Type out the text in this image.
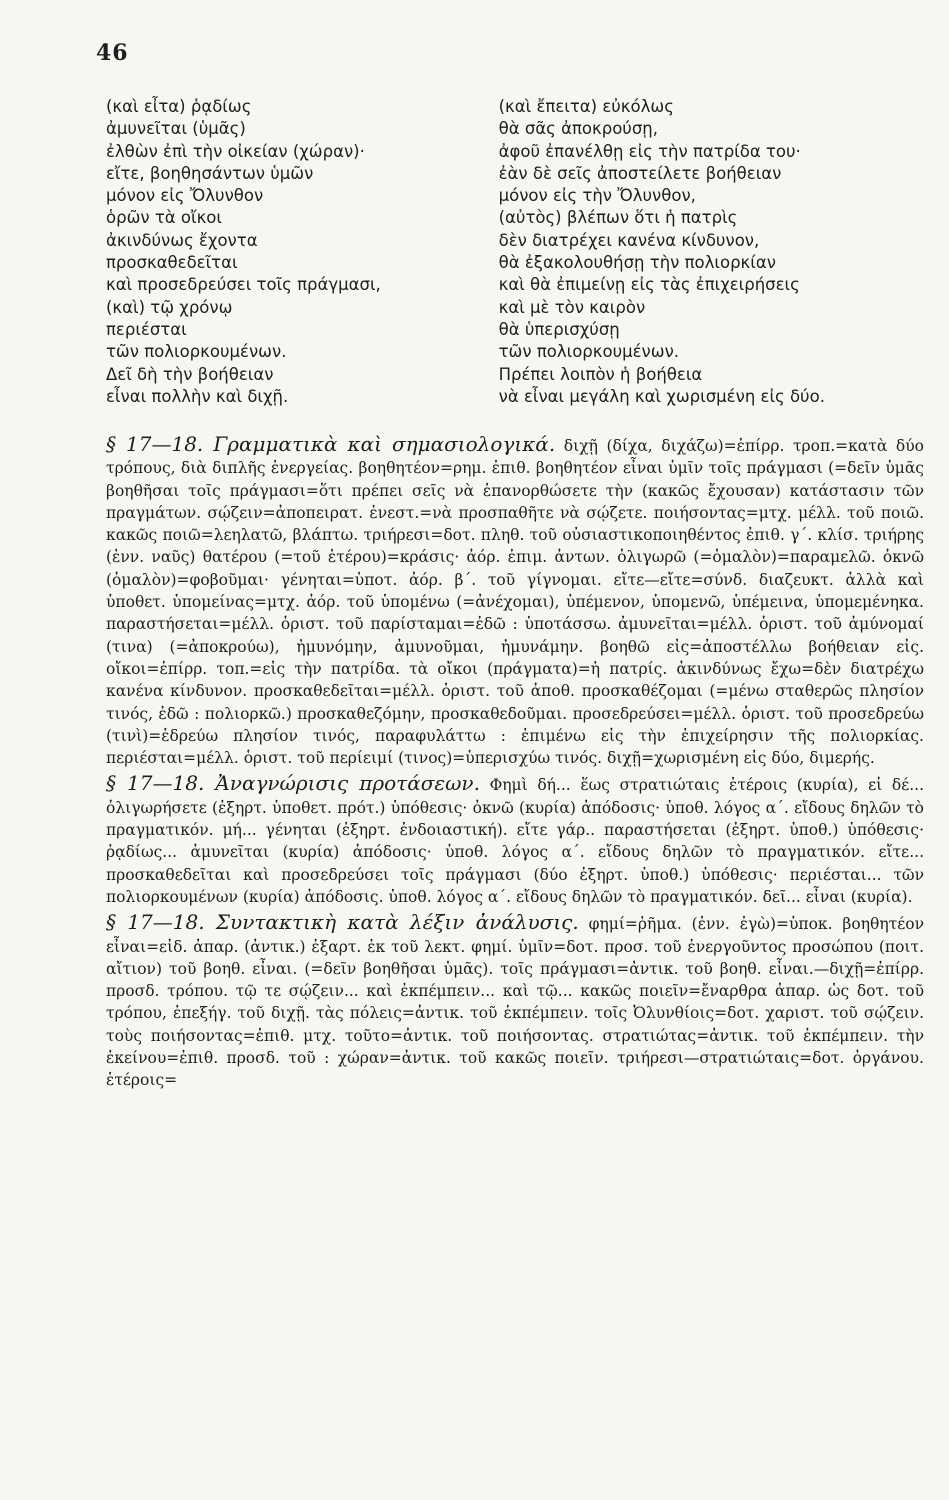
46
(καὶ εἶτα) ῥᾳδίως
ἀμυνεῖται (ὑμᾶς)
ἐλθὼν ἐπὶ τὴν οἰκείαν (χώραν)·
εἴτε, βοηθησάντων ὑμῶν
μόνον εἰς Ὄλυνθον
ὁρῶν τὰ οἴκοι
ἀκινδύνως ἔχοντα
προσκαθεδεῖται
καὶ προσεδρεύσει τοῖς πράγμασι,
(καὶ) τῷ χρόνῳ
περιέσται
τῶν πολιορκουμένων.
Δεῖ δὴ τὴν βοήθειαν
εἶναι πολλὴν καὶ διχῇ.
(καὶ ἔπειτα) εὐκόλως
θὰ σᾶς ἀποκρούσῃ,
ἀφοῦ ἐπανέλθῃ εἰς τὴν πατρίδα του·
ἐὰν δὲ σεῖς ἀποστείλετε βοήθειαν
μόνον εἰς τὴν Ὄλυνθον,
(αὐτὸς) βλέπων ὅτι ἡ πατρὶς
δὲν διατρέχει κανένα κίνδυνον,
θὰ ἐξακολουθήσῃ τὴν πολιορκίαν
καὶ θὰ ἐπιμείνῃ εἰς τὰς ἐπιχειρήσεις
καὶ μὲ τὸν καιρὸν
θὰ ὑπερισχύσῃ
τῶν πολιορκουμένων.
Πρέπει λοιπὸν ἡ βοήθεια
νὰ εἶναι μεγάλη καὶ χωρισμένη εἰς δύο.

§ 17—18. Γραμματικὰ καὶ σημασιολογικά. διχῇ (δίχα, διχάζω)=ἐπίρρ. τροπ.=κατὰ δύο τρόπους, διὰ διπλῆς ἐνεργείας. βοηθητέον=ρημ. ἐπιθ. βοηθητέον εἶναι ὑμῖν τοῖς πράγμασι (=δεῖν ὑμᾶς βοηθῆσαι τοῖς πράγμασι=ὅτι πρέπει σεῖς νὰ ἐπανορθώσετε τὴν (κακῶς ἔχουσαν) κατάστασιν τῶν πραγμάτων. σῴζειν=ἀποπειρατ. ἐνεστ.=νὰ προσπαθῆτε νὰ σῴζετε. ποιήσοντας=μτχ. μέλλ. τοῦ ποιῶ. κακῶς ποιῶ=λεηλατῶ, βλάπτω. τριήρεσι=δοτ. πληθ. τοῦ οὐσιαστικοποιηθέντος ἐπιθ. γ΄. κλίσ. τριήρης (ἐνν. ναῦς) θατέρου (=τοῦ ἑτέρου)=κράσις· ἀόρ. ἐπιμ. ἀντων. ὀλιγωρῶ (=ὁμαλὸν)=παραμελῶ. ὀκνῶ (ὁμαλὸν)=φοβοῦμαι· γένηται=ὑποτ. ἀόρ. β΄. τοῦ γίγνομαι. εἴτε—εἴτε=σύνδ. διαζευκτ. ἀλλὰ καὶ ὑποθετ. ὑπομείνας=μτχ. ἀόρ. τοῦ ὑπομένω (=ἀνέχομαι), ὑπέμενον, ὑπομενῶ, ὑπέμεινα, ὑπομεμένηκα. παραστήσεται=μέλλ. ὁριστ. τοῦ παρίσταμαι=ἐδῶ : ὑποτάσσω. ἀμυνεῖται=μέλλ. ὁριστ. τοῦ ἀμύνομαί (τινα) (=ἀποκρούω), ἠμυνόμην, ἀμυνοῦμαι, ἠμυνάμην. βοηθῶ εἰς=ἀποστέλλω βοήθειαν εἰς. οἴκοι=ἐπίρρ. τοπ.=εἰς τὴν πατρίδα. τὰ οἴκοι (πράγματα)=ἡ πατρίς. ἀκινδύνως ἔχω=δὲν διατρέχω κανένα κίνδυνον. προσκαθεδεῖται=μέλλ. ὁριστ. τοῦ ἀποθ. προσκαθέζομαι (=μένω σταθερῶς πλησίον τινός, ἐδῶ : πολιορκῶ.) προσκαθεζόμην, προσκαθεδοῦμαι. προσεδρεύσει=μέλλ. ὁριστ. τοῦ προσεδρεύω (τινὶ)=ἑδρεύω πλησίον τινός, παραφυλάττω : ἐπιμένω εἰς τὴν ἐπιχείρησιν τῆς πολιορκίας. περιέσται=μέλλ. ὁριστ. τοῦ περίειμί (τινος)=ὑπερισχύω τινός. διχῇ=χωρισμένη εἰς δύο, διμερής.

§ 17—18. Ἀναγνώρισις προτάσεων. Φημὶ δή... ἕως στρατιώταις ἑτέροις (κυρία), εἰ δέ... ὀλιγωρήσετε (ἐξηρτ. ὑποθετ. πρότ.) ὑπόθεσις· ὀκνῶ (κυρία) ἀπόδοσις· ὑποθ. λόγος α΄. εἴδους δηλῶν τὸ πραγματικόν. μή... γένηται (ἐξηρτ. ἐνδοιαστική). εἴτε γάρ.. παραστήσεται (ἐξηρτ. ὑποθ.) ὑπόθεσις· ῥᾳδίως... ἀμυνεῖται (κυρία) ἀπόδοσις· ὑποθ. λόγος α΄. εἴδους δηλῶν τὸ πραγματικόν. εἴτε... προσκαθεδεῖται καὶ προσεδρεύσει τοῖς πράγμασι (δύο ἐξηρτ. ὑποθ.) ὑπόθεσις· περιέσται... τῶν πολιορκουμένων (κυρία) ἀπόδοσις. ὑποθ. λόγος α΄. εἴδους δηλῶν τὸ πραγματικόν. δεῖ... εἶναι (κυρία).

§ 17—18. Συντακτικὴ κατὰ λέξιν ἀνάλυσις. φημί=ῥῆμα. (ἐνν. ἐγὼ)=ὑποκ. βοηθητέον εἶναι=εἰδ. ἀπαρ. (ἀντικ.) ἐξαρτ. ἐκ τοῦ λεκτ. φημί. ὑμῖν=δοτ. προσ. τοῦ ἐνεργοῦντος προσώπου (ποιτ. αἴτιον) τοῦ βοηθ. εἶναι. (=δεῖν βοηθῆσαι ὑμᾶς). τοῖς πράγμασι=ἀντικ. τοῦ βοηθ. εἶναι.—διχῇ=ἐπίρρ. προσδ. τρόπου. τῷ τε σῴζειν... καὶ ἐκπέμπειν... καὶ τῷ... κακῶς ποιεῖν=ἔναρθρα ἀπαρ. ὡς δοτ. τοῦ τρόπου, ἐπεξήγ. τοῦ διχῇ. τὰς πόλεις=ἀντικ. τοῦ ἐκπέμπειν. τοῖς Ὀλυνθίοις=δοτ. χαριστ. τοῦ σῴζειν. τοὺς ποιήσοντας=ἐπιθ. μτχ. τοῦτο=ἀντικ. τοῦ ποιήσοντας. στρατιώτας=ἀντικ. τοῦ ἐκπέμπειν. τὴν ἐκείνου=ἐπιθ. προσδ. τοῦ : χώραν=ἀντικ. τοῦ κακῶς ποιεῖν. τριήρεσι—στρατιώταις=δοτ. ὀργάνου. ἑτέροις=
